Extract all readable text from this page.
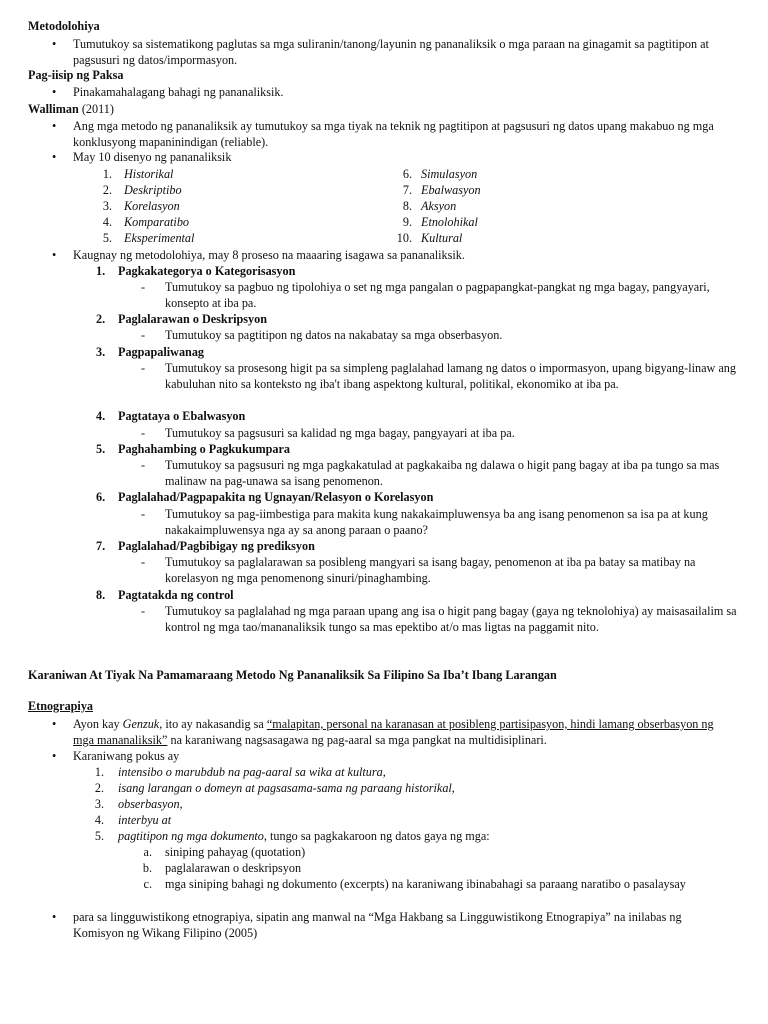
Metodolohiya
• Tumutukoy sa sistematikong paglutas sa mga suliranin/tanong/layunin ng pananaliksik o mga paraan na ginagamit sa pagtitipon at pagsusuri ng datos/impormasyon.
Pag-iisip ng Paksa
• Pinakamahalagang bahagi ng pananaliksik.
Walliman (2011)
• Ang mga metodo ng pananaliksik ay tumutukoy sa mga tiyak na teknik ng pagtitipon at pagsusuri ng datos upang makabuo ng mga konklusyong mapaninindigan (reliable).
• May 10 disenyo ng pananaliksik
1. Historikal
2. Deskriptibo
3. Korelasyon
4. Komparatibo
5. Eksperimental
6. Simulasyon
7. Ebalwasyon
8. Aksyon
9. Etnolohikal
10. Kultural
• Kaugnay ng metodolohiya, may 8 proseso na maaaring isagawa sa pananaliksik.
1. Pagkakategorya o Kategorisasyon
- Tumutukoy sa pagbuo ng tipolohiya o set ng mga pangalan o pagpapangkat-pangkat ng mga bagay, pangyayari, konsepto at iba pa.
2. Paglalarawan o Deskripsyon
- Tumutukoy sa pagtitipon ng datos na nakabatay sa mga obserbasyon.
3. Pagpapaliwanag
- Tumutukoy sa prosesong higit pa sa simpleng paglalahad lamang ng datos o impormasyon, upang bigyang-linaw ang kabuluhan nito sa konteksto ng iba't ibang aspektong kultural, politikal, ekonomiko at iba pa.
4. Pagtataya o Ebalwasyon
- Tumutukoy sa pagsusuri sa kalidad ng mga bagay, pangyayari at iba pa.
5. Paghahambing o Pagkukumpara
- Tumutukoy sa pagsusuri ng mga pagkakatulad at pagkakaiba ng dalawa o higit pang bagay at iba pa tungo sa mas malinaw na pag-unawa sa isang penomenon.
6. Paglalahad/Pagpapakita ng Ugnayan/Relasyon o Korelasyon
- Tumutukoy sa pag-iimbestiga para makita kung nakakaimpluwensya ba ang isang penomenon sa isa pa at kung nakakaimpluwensya nga ay sa anong paraan o paano?
7. Paglalahad/Pagbibigay ng prediksyon
- Tumutukoy sa paglalarawan sa posibleng mangyari sa isang bagay, penomenon at iba pa batay sa matibay na korelasyon ng mga penomenong sinuri/pinaghambing.
8. Pagtatakda ng control
- Tumutukoy sa paglalahad ng mga paraan upang ang isa o higit pang bagay (gaya ng teknolohiya) ay maisasailalim sa kontrol ng mga tao/mananaliksik tungo sa mas epektibo at/o mas ligtas na paggamit nito.
Karaniwan At Tiyak Na Pamamaraang Metodo Ng Pananaliksik Sa Filipino Sa Iba’t Ibang Larangan
Etnograpiya
• Ayon kay Genzuk, ito ay nakasandig sa “malapitan, personal na karanasan at posibleng partisipasyon, hindi lamang obserbasyon ng mga mananaliksik” na karaniwang nagsasagawa ng pag-aaral sa mga pangkat na multidisiplinari.
• Karaniwang pokus ay
1. intensibo o marubdub na pag-aaral sa wika at kultura,
2. isang larangan o domeyn at pagsasama-sama ng paraang historikal,
3. obserbasyon,
4. interbyu at
5. pagtitipon ng mga dokumento, tungo sa pagkakaroon ng datos gaya ng mga:
a. siniping pahayag (quotation)
b. paglalarawan o deskripsyon
c. mga siniping bahagi ng dokumento (excerpts) na karaniwang ibinabahagi sa paraang naratibo o pasalaysay
• para sa lingguwistikong etnograpiya, sipatin ang manwal na “Mga Hakbang sa Lingguwistikong Etnograpiya” na inilabas ng Komisyon ng Wikang Filipino (2005)
